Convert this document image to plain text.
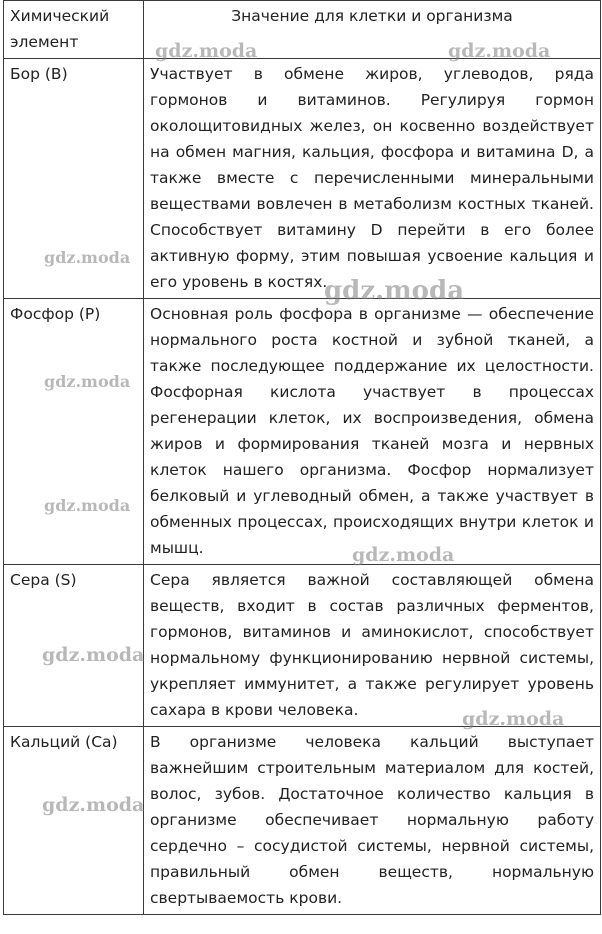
Химический элемент	Значение для клетки и организма
Бор (В)	Участвует в обмене жиров, углеводов, ряда гормонов и витаминов. Регулируя гормон околощитовидных желез, он косвенно воздействует на обмен магния, кальция, фосфора и витамина D, а также вместе с перечисленными минеральными веществами вовлечен в метаболизм костных тканей. Способствует витамину D перейти в его более активную форму, этим повышая усвоение кальция и его уровень в костях.
Фосфор (Р)	Основная роль фосфора в организме — обеспечение нормального роста костной и зубной тканей, а также последующее поддержание их целостности. Фосфорная кислота участвует в процессах регенерации клеток, их воспроизведения, обмена жиров и формирования тканей мозга и нервных клеток нашего организма. Фосфор нормализует белковый и углеводный обмен, а также участвует в обменных процессах, происходящих внутри клеток и мышц.
Сера (S)	Сера является важной составляющей обмена веществ, входит в состав различных ферментов, гормонов, витаминов и аминокислот, способствует нормальному функционированию нервной системы, укрепляет иммунитет, а также регулирует уровень сахара в крови человека.
Кальций (Са)	В организме человека кальций выступает важнейшим строительным материалом для костей, волос, зубов. Достаточное количество кальция в организме обеспечивает нормальную работу сердечно – сосудистой системы, нервной системы, правильный обмен веществ, нормальную свертываемость крови.
gdz.moda	gdz.moda
gdz.moda
gdz.moda
gdz.moda
gdz.moda
gdz.moda
gdz.moda
gdz.moda
gdz.moda
